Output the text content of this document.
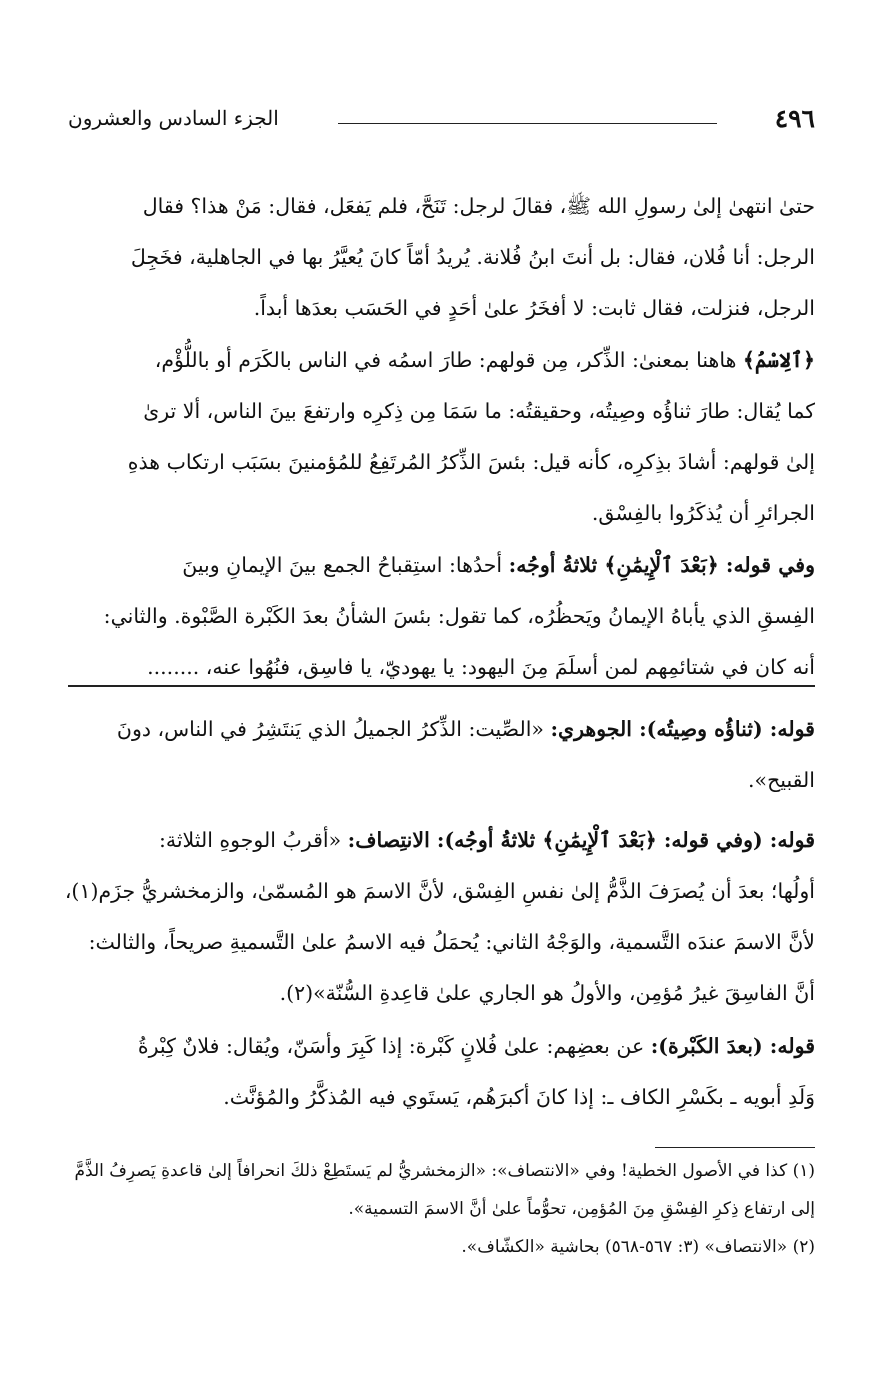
٤٩٦
الجزء السادس والعشرون
حتىٰ انتهىٰ إلىٰ رسولِ الله ﷺ، فقالَ لرجل: تَنَحَّ، فلم يَفعَل، فقال: مَنْ هذا؟ فقال
الرجل: أنا فُلان، فقال: بل أنتَ ابنُ فُلانة. يُريدُ أمّاً كانَ يُعيَّرُ بها في الجاهلية، فخَجِلَ
الرجل، فنزلت، فقال ثابت: لا أفخَرُ علىٰ أحَدٍ في الحَسَب بعدَها أبداً.
﴿ٱلِاسْمُ﴾ هاهنا بمعنىٰ: الذِّكر، مِن قولهم: طارَ اسمُه في الناس بالكَرَم أو باللُّؤْم،
كما يُقال: طارَ ثناؤُه وصِيتُه، وحقيقتُه: ما سَمَا مِن ذِكرِه وارتفعَ بينَ الناس، ألا ترىٰ
إلىٰ قولهم: أشادَ بذِكرِه، كأنه قيل: بئسَ الذِّكرُ المُرتَفِعُ للمُؤمنينَ بسَبَب ارتكاب هذهِ
الجرائرِ أن يُذكَرُوا بالفِسْق.
وفي قوله: ﴿بَعْدَ ٱلْإِيمَٰنِ﴾ ثلاثةُ أوجُه: أحدُها: استِقباحُ الجمع بينَ الإيمانِ وبينَ
الفِسقِ الذي يأباهُ الإيمانُ ويَحظُرُه، كما تقول: بئسَ الشأنُ بعدَ الكَبْرة الصَّبْوة. والثاني:
أنه كان في شتائمِهم لمن أسلَمَ مِنَ اليهود: يا يهوديّ، يا فاسِق، فنُهُوا عنه، ........
قوله: (ثناؤُه وصِيتُه): الجوهري: «الصِّيت: الذِّكرُ الجميلُ الذي يَنتَشِرُ في الناس، دونَ
القبيح».
قوله: (وفي قوله: ﴿بَعْدَ ٱلْإِيمَٰنِ﴾ ثلاثةُ أوجُه): الانتِصاف: «أقربُ الوجوهِ الثلاثة:
أولُها؛ بعدَ أن يُصرَفَ الذَّمُّ إلىٰ نفسِ الفِسْق، لأنَّ الاسمَ هو المُسمّىٰ، والزمخشريُّ جزَم(١)،
لأنَّ الاسمَ عندَه التَّسمية، والوَجْهُ الثاني: يُحمَلُ فيه الاسمُ علىٰ التَّسميةِ صريحاً، والثالث:
أنَّ الفاسِقَ غيرُ مُؤمِن، والأولُ هو الجاري علىٰ قاعِدةِ السُّنّة»(٢).
قوله: (بعدَ الكَبْرة): عن بعضِهم: علىٰ فُلانٍ كَبْرة: إذا كَبِرَ وأسَنّ، ويُقال: فلانٌ كِبْرةُ
وَلَدِ أبويه ـ بكَسْرِ الكاف ـ: إذا كانَ أكبرَهُم، يَستَوي فيه المُذكَّرُ والمُؤنَّث.
(١) كذا في الأصول الخطية! وفي «الانتصاف»: «الزمخشريُّ لم يَستَطِعْ ذلكَ انحرافاً إلىٰ قاعدةِ يَصرِفُ الذَّمَّ
إلى ارتفاع ذِكرِ الفِسْقِ مِنَ المُؤمِن، تحوُّماً علىٰ أنَّ الاسمَ التسمية».
(٢) «الانتصاف» (٣: ٥٦٧-٥٦٨) بحاشية «الكشّاف».
